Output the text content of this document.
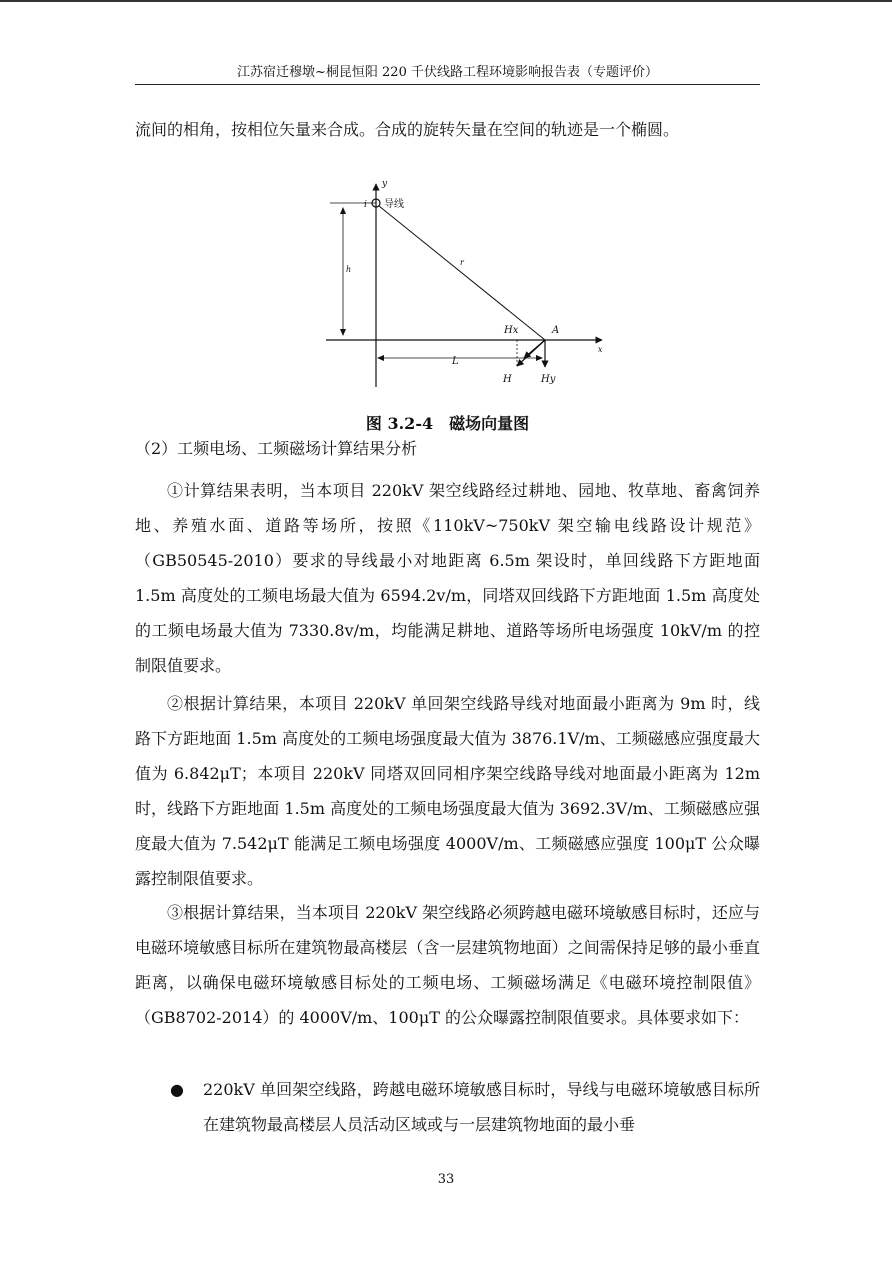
江苏宿迁穆墩~桐昆恒阳 220 千伏线路工程环境影响报告表（专题评价）

流间的相角，按相位矢量来合成。合成的旋转矢量在空间的轨迹是一个椭圆。

y
x
i 导线
h
r
Hx	A
L
H	Hy
图 3.2-4　磁场向量图
（2）工频电场、工频磁场计算结果分析

①计算结果表明，当本项目 220kV 架空线路经过耕地、园地、牧草地、畜禽饲养地、养殖水面、道路等场所，按照《110kV~750kV 架空输电线路设计规范》（GB50545-2010）要求的导线最小对地距离 6.5m 架设时，单回线路下方距地面 1.5m 高度处的工频电场最大值为 6594.2v/m，同塔双回线路下方距地面 1.5m 高度处的工频电场最大值为 7330.8v/m，均能满足耕地、道路等场所电场强度 10kV/m 的控制限值要求。

②根据计算结果，本项目 220kV 单回架空线路导线对地面最小距离为 9m 时，线路下方距地面 1.5m 高度处的工频电场强度最大值为 3876.1V/m、工频磁感应强度最大值为 6.842μT；本项目 220kV 同塔双回同相序架空线路导线对地面最小距离为 12m 时，线路下方距地面 1.5m 高度处的工频电场强度最大值为 3692.3V/m、工频磁感应强度最大值为 7.542μT 能满足工频电场强度 4000V/m、工频磁感应强度 100μT 公众曝露控制限值要求。

③根据计算结果，当本项目 220kV 架空线路必须跨越电磁环境敏感目标时，还应与电磁环境敏感目标所在建筑物最高楼层（含一层建筑物地面）之间需保持足够的最小垂直距离，以确保电磁环境敏感目标处的工频电场、工频磁场满足《电磁环境控制限值》（GB8702-2014）的 4000V/m、100μT 的公众曝露控制限值要求。具体要求如下：

● 220kV 单回架空线路，跨越电磁环境敏感目标时，导线与电磁环境敏感目标所在建筑物最高楼层人员活动区域或与一层建筑物地面的最小垂

33
